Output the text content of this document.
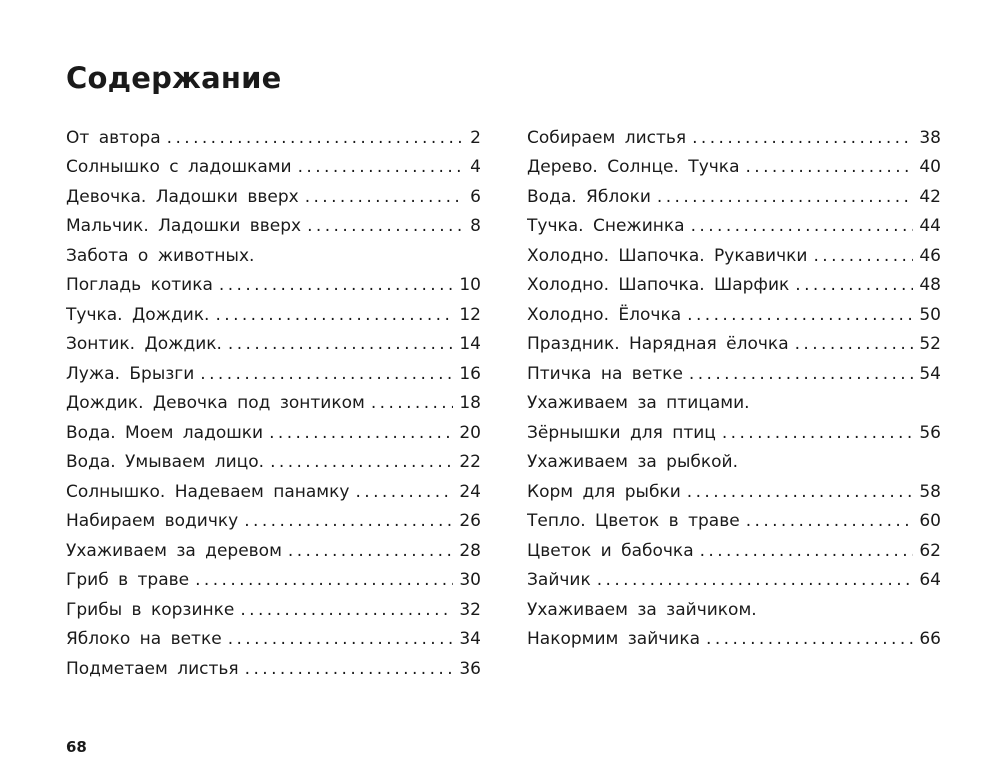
Содержание
От автора . . .	2
Солнышко с ладошками . . .	4
Девочка. Ладошки вверх . . .	6
Мальчик. Ладошки вверх . . .	8
Забота о животных.
Погладь котика . . .	10
Тучка. Дождик. . . .	12
Зонтик. Дождик. . . .	14
Лужа. Брызги . . .	16
Дождик. Девочка под зонтиком . . .	18
Вода. Моем ладошки . . .	20
Вода. Умываем лицо. . . .	22
Солнышко. Надеваем панамку . . .	24
Набираем водичку . . .	26
Ухаживаем за деревом . . .	28
Гриб в траве . . .	30
Грибы в корзинке . . .	32
Яблоко на ветке . . .	34
Подметаем листья . . .	36
Собираем листья . . .	38
Дерево. Солнце. Тучка . . .	40
Вода. Яблоки . . .	42
Тучка. Снежинка . . .	44
Холодно. Шапочка. Рукавички . . .	46
Холодно. Шапочка. Шарфик . . .	48
Холодно. Ёлочка . . .	50
Праздник. Нарядная ёлочка . . .	52
Птичка на ветке . . .	54
Ухаживаем за птицами.
Зёрнышки для птиц . . .	56
Ухаживаем за рыбкой.
Корм для рыбки . . .	58
Тепло. Цветок в траве . . .	60
Цветок и бабочка . . .	62
Зайчик . . .	64
Ухаживаем за зайчиком.
Накормим зайчика . . .	66
68
